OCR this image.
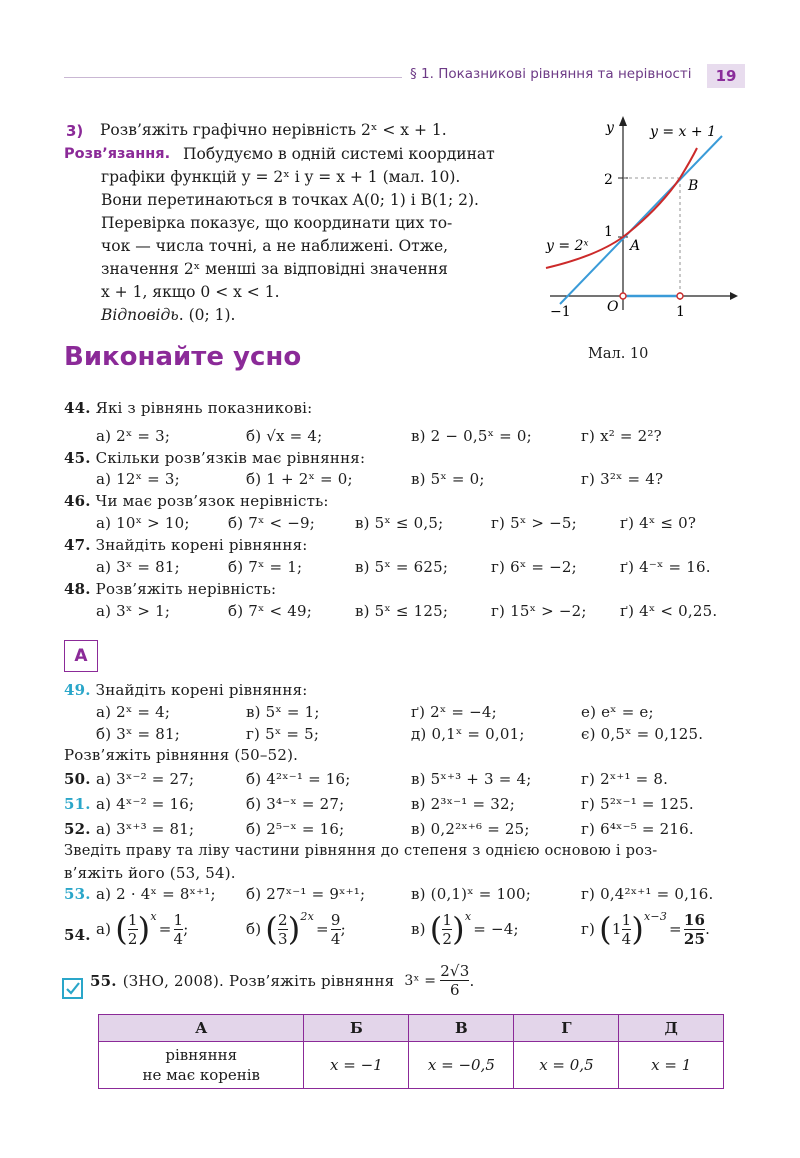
§ 1. Показникові рівняння та нерівності	19
3) Розв’яжіть графічно нерівність 2ˣ < x + 1.
Розв’язання. Побудуємо в одній системі координат
графіки функцій y = 2ˣ і y = x + 1 (мал. 10).
Вони перетинаються в точках A(0; 1) і B(1; 2).
Перевірка показує, що координати цих то-
чок — числа точні, а не наближені. Отже,
значення 2ˣ менші за відповідні значення
x + 1, якщо 0 < x < 1.
Відповідь. (0; 1).
y	y = x + 1
y = 2ˣ	A
B
O
2
1
−1	1
Мал. 10
Виконайте усно
44. Які з рівнянь показникові:
а) 2ˣ = 3;	б) √x = 4;	в) 2 − 0,5ˣ = 0;	г) x² = 2²?
45. Скільки розв’язків має рівняння:
а) 12ˣ = 3;	б) 1 + 2ˣ = 0;	в) 5ˣ = 0;	г) 3²ˣ = 4?
46. Чи має розв’язок нерівність:
а) 10ˣ > 10;	б) 7ˣ < −9;	в) 5ˣ ≤ 0,5;	г) 5ˣ > −5;	ґ) 4ˣ ≤ 0?
47. Знайдіть корені рівняння:
а) 3ˣ = 81;	б) 7ˣ = 1;	в) 5ˣ = 625;	г) 6ˣ = −2;	ґ) 4⁻ˣ = 16.
48. Розв’яжіть нерівність:
а) 3ˣ > 1;	б) 7ˣ < 49;	в) 5ˣ ≤ 125;	г) 15ˣ > −2; ґ) 4ˣ < 0,25.
А
49. Знайдіть корені рівняння:
а) 2ˣ = 4;	в) 5ˣ = 1;	ґ) 2ˣ = −4;	е) eˣ = e;
б) 3ˣ = 81;	г) 5ˣ = 5;	д) 0,1ˣ = 0,01;	є) 0,5ˣ = 0,125.
Розв’яжіть рівняння (50–52).
50. а) 3ˣ⁻² = 27;	б) 4²ˣ⁻¹ = 16;	в) 5ˣ⁺³ + 3 = 4;	г) 2ˣ⁺¹ = 8.
51. а) 4ˣ⁻² = 16;	б) 3⁴⁻ˣ = 27;	в) 2³ˣ⁻¹ = 32;	г) 5²ˣ⁻¹ = 125.
52. а) 3ˣ⁺³ = 81;	б) 2⁵⁻ˣ = 16;	в) 0,2²ˣ⁺⁶ = 25;	г) 6⁴ˣ⁻⁵ = 216.
Зведіть праву та ліву частини рівняння до степеня з однією основою і роз-
в’яжіть його (53, 54).
53. а) 2 · 4ˣ = 8ˣ⁺¹; б) 27ˣ⁻¹ = 9ˣ⁺¹;	в) (0,1)ˣ = 100;	г) 0,4²ˣ⁺¹ = 0,16.
54. а) ( 1
2 )$^x$
= $\frac{1}{4}$ ;	б) ( 2
3 )$^{2x}$
= $\frac{9}{4}$ ;	в) ( 1
2 )$^x$
= −4;	г) ( 1
1
4 )$^{x-3}$
= $\frac{16}{25}$ .
55. (ЗНО, 2008). Розв’яжіть рівняння 3ˣ = $\frac{2√3}{6}$ .
А	Б	В	Г	Д

рівняння
не має коренів	x = −1	x = −0,5	x = 0,5	x = 1
